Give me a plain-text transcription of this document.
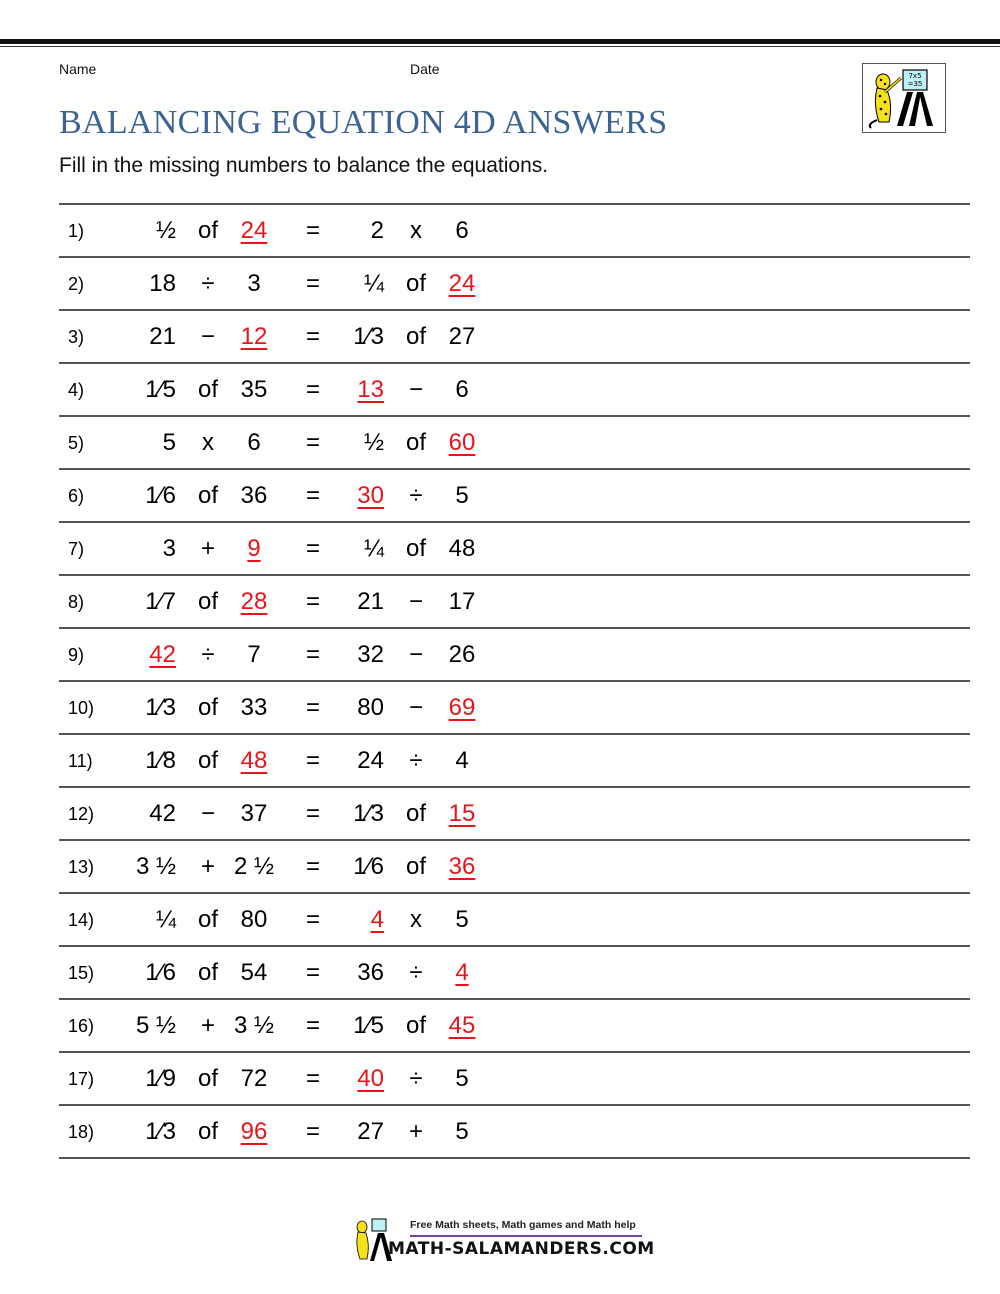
Name	Date	7x5
=35
BALANCING EQUATION 4D ANSWERS
Fill in the missing numbers to balance the equations.
1)	½ of 24	=	2	x	6
2)	18	÷	3	=	¼ of 24
3)	21	−	12	=	1⁄3 of 27
4)	1⁄5 of 35	=	13	−	6
5)	5	x	6	=	½ of 60
6)	1⁄6 of 36	=	30	÷	5
7)	3	+	9	=	¼ of 48
8)	1⁄7 of 28	=	21	−	17
9)	42	÷	7	=	32	−	26
10)	1⁄3 of 33	=	80	−	69
11)	1⁄8 of 48	=	24	÷	4
12)	42	−	37	=	1⁄3 of 15
13)	3 ½	+ 2 ½ =	1⁄6 of 36
14)	¼ of 80	=	4	x	5
15)	1⁄6 of 54	=	36	÷	4
16)	5 ½	+ 3 ½ =	1⁄5 of 45
17)	1⁄9 of 72	=	40	÷	5
18)	1⁄3 of 96	=	27	+	5
Free Math sheets, Math games and Math help
MATH-SALAMANDERS.COM
